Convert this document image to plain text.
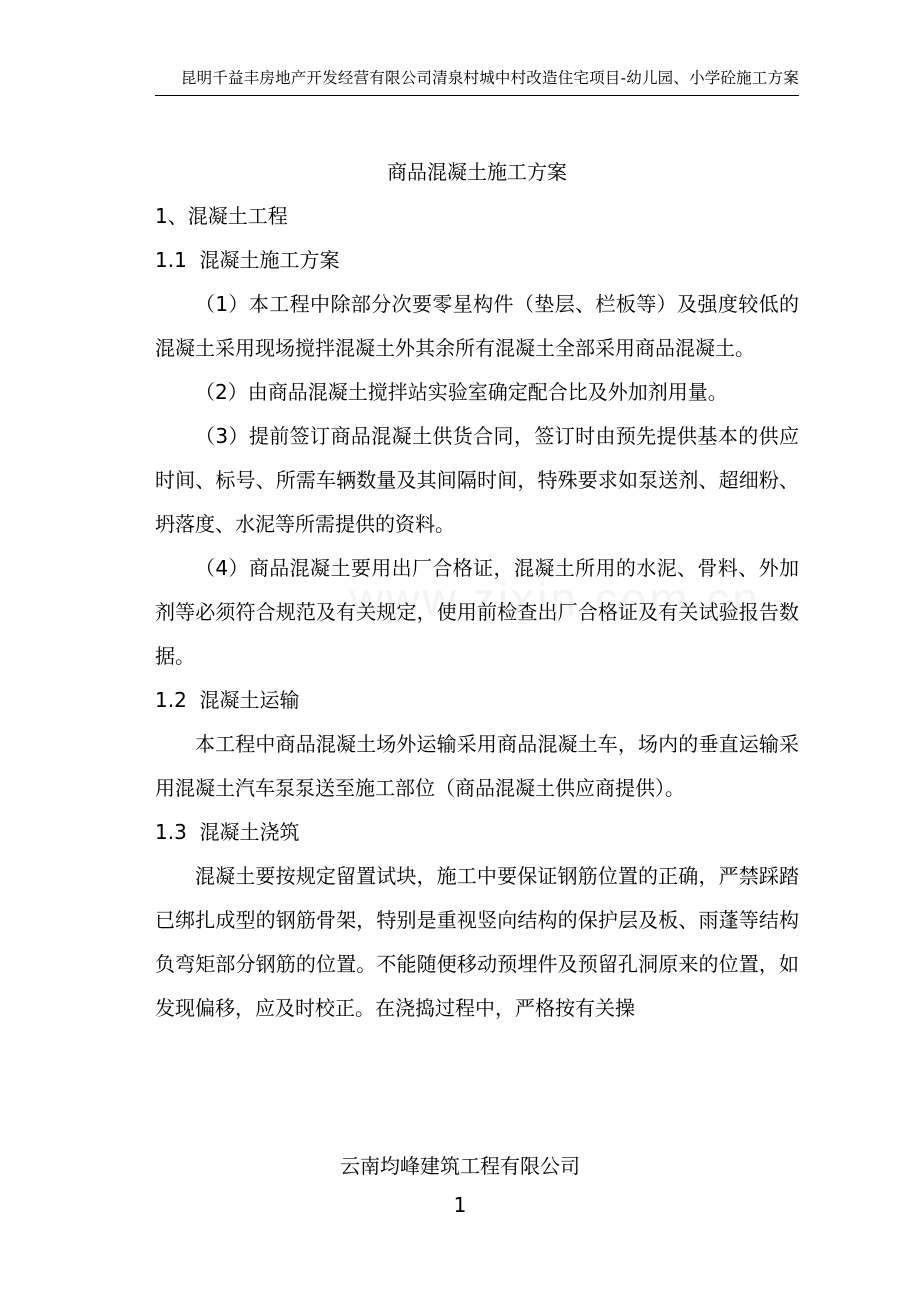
昆明千益丰房地产开发经营有限公司清泉村城中村改造住宅项目-幼儿园、小学砼施工方案
商品混凝土施工方案
1、混凝土工程
1.1  混凝土施工方案

（1）本工程中除部分次要零星构件（垫层、栏板等）及强度较低的混凝土采用现场搅拌混凝土外其余所有混凝土全部采用商品混凝土。

（2）由商品混凝土搅拌站实验室确定配合比及外加剂用量。

（3）提前签订商品混凝土供货合同，签订时由预先提供基本的供应时间、标号、所需车辆数量及其间隔时间，特殊要求如泵送剂、超细粉、坍落度、水泥等所需提供的资料。

（4）商品混凝土要用出厂合格证，混凝土所用的水泥、骨料、外加剂等必须符合规范及有关规定，使用前检查出厂合格证及有关试验报告数据。

1.2  混凝土运输

本工程中商品混凝土场外运输采用商品混凝土车，场内的垂直运输采用混凝土汽车泵泵送至施工部位（商品混凝土供应商提供）。

1.3  混凝土浇筑

混凝土要按规定留置试块，施工中要保证钢筋位置的正确，严禁踩踏已绑扎成型的钢筋骨架，特别是重视竖向结构的保护层及板、雨蓬等结构负弯矩部分钢筋的位置。不能随便移动预埋件及预留孔洞原来的位置，如发现偏移，应及时校正。在浇捣过程中，严格按有关操

云南均峰建筑工程有限公司
1
